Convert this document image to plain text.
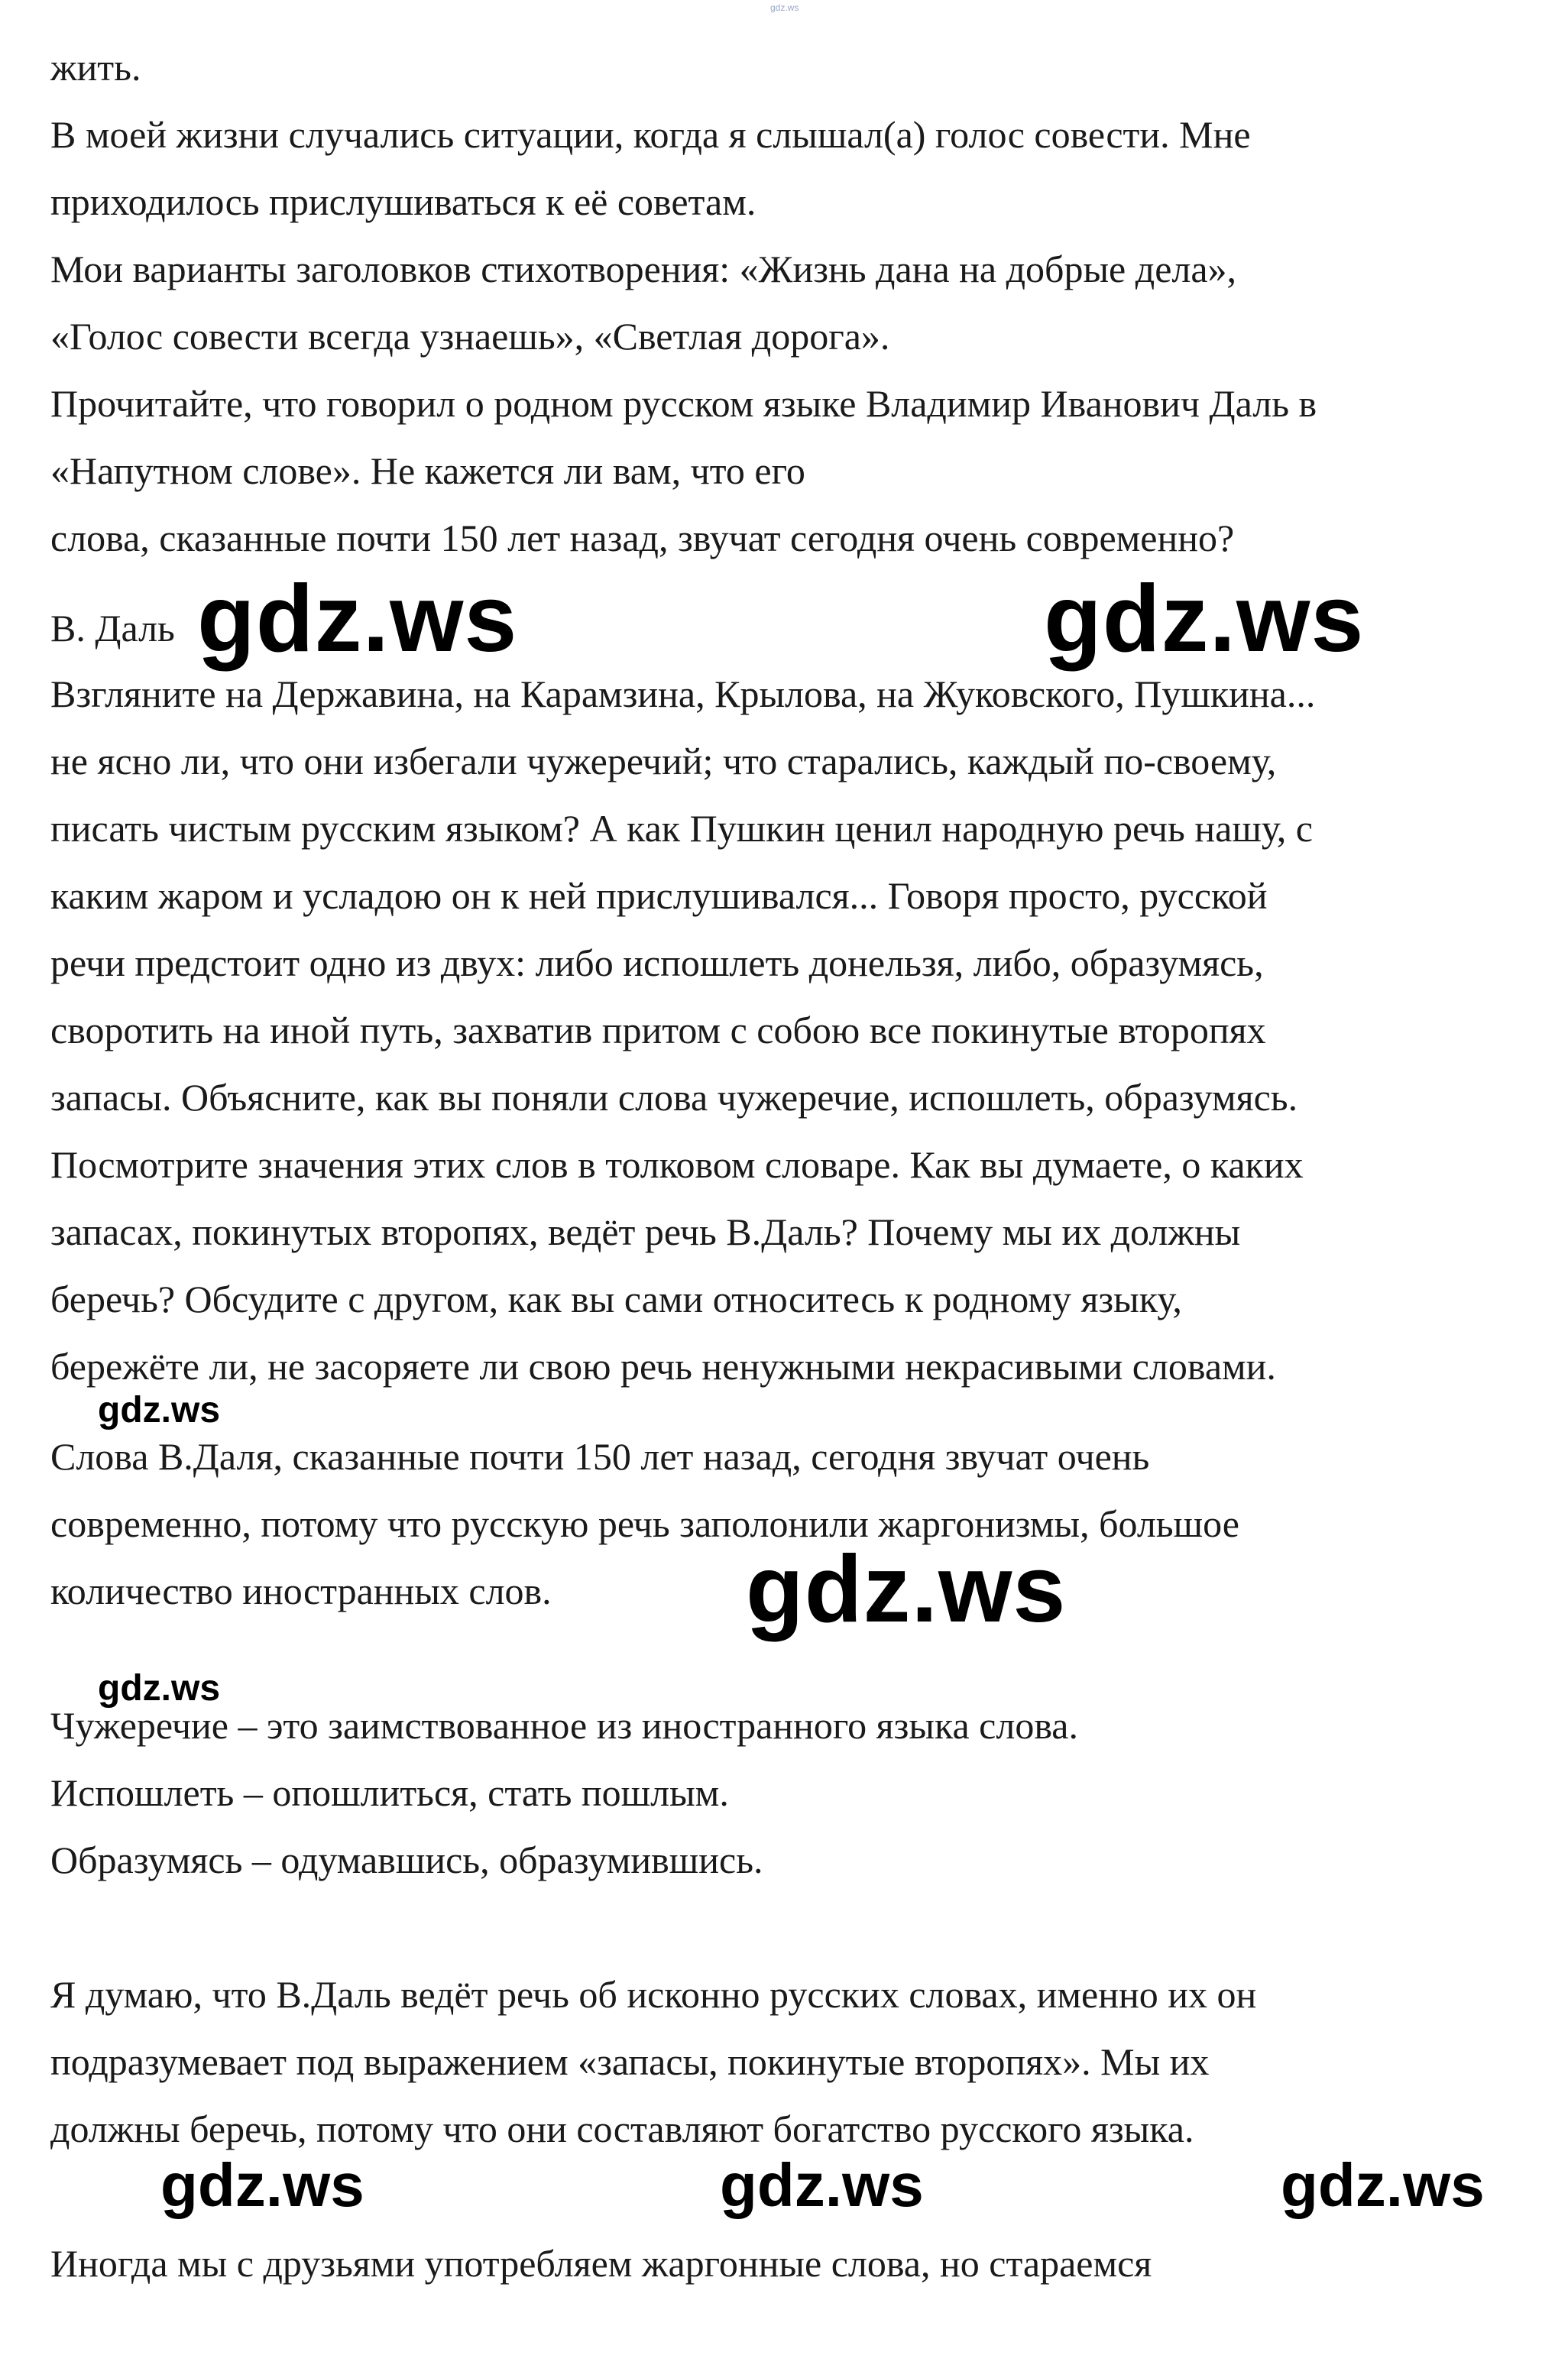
gdz.ws

жить.

В моей жизни случались ситуации, когда я слышал(а) голос совести. Мне

приходилось прислушиваться к её советам.

Мои варианты заголовков стихотворения: «Жизнь дана на добрые дела»,

«Голос совести всегда узнаешь», «Светлая дорога».

Прочитайте, что говорил о родном русском языке Владимир Иванович Даль в

«Напутном слове». Не кажется ли вам, что его

слова, сказанные почти 150 лет назад, звучат сегодня очень современно?

В. Даль

Взгляните на Державина, на Карамзина, Крылова, на Жуковского, Пушкина...

не ясно ли, что они избегали чужеречий; что старались, каждый по-своему,

писать чистым русским языком? А как Пушкин ценил народную речь нашу, с

каким жаром и усладою он к ней прислушивался... Говоря просто, русской

речи предстоит одно из двух: либо испошлеть донельзя, либо, образумясь,

своротить на иной путь, захватив притом с собою все покинутые второпях

запасы. Объясните, как вы поняли слова чужеречие, испошлеть, образумясь.

Посмотрите значения этих слов в толковом словаре. Как вы думаете, о каких

запасах, покинутых второпях, ведёт речь В.Даль? Почему мы их должны

беречь? Обсудите с другом, как вы сами относитесь к родному языку,

бережёте ли, не засоряете ли свою речь ненужными некрасивыми словами.

Слова В.Даля, сказанные почти 150 лет назад, сегодня звучат очень

современно, потому что русскую речь заполонили жаргонизмы, большое

количество иностранных слов.

Чужеречие – это заимствованное из иностранного языка слова.

Испошлеть – опошлиться, стать пошлым.

Образумясь – одумавшись, образумившись.

Я думаю, что В.Даль ведёт речь об исконно русских словах, именно их он

подразумевает под выражением «запасы, покинутые второпях». Мы их

должны беречь, потому что они составляют богатство русского языка.

Иногда мы с друзьями употребляем жаргонные слова, но стараемся

gdz.ws	gdz.ws
gdz.ws
gdz.ws
gdz.ws
gdz.ws	gdz.ws	gdz.ws
